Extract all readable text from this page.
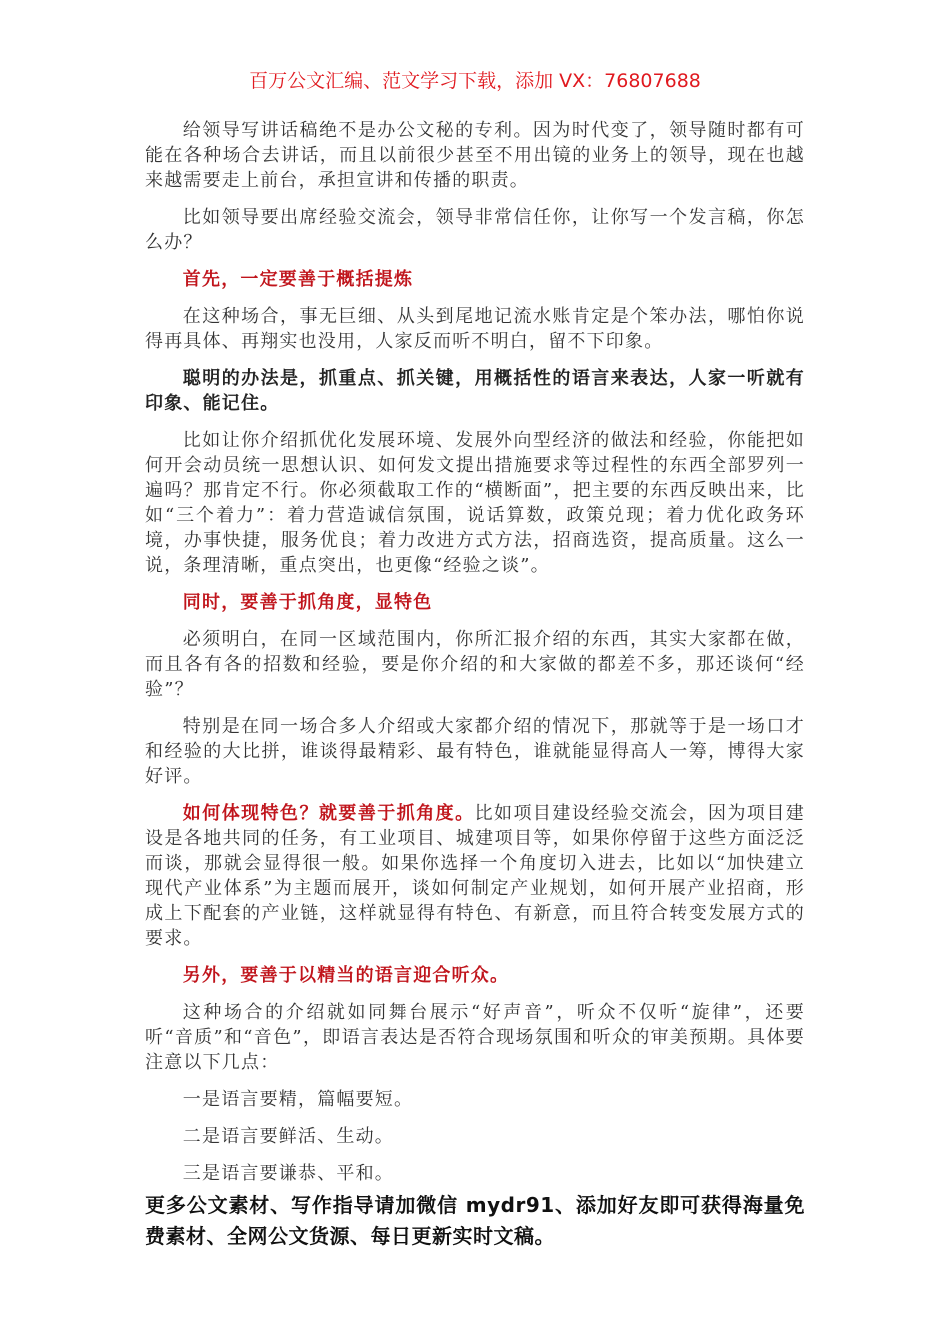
百万公文汇编、范文学习下载，添加 VX：76807688

给领导写讲话稿绝不是办公文秘的专利。因为时代变了，领导随时都有可能在各种场合去讲话，而且以前很少甚至不用出镜的业务上的领导，现在也越来越需要走上前台，承担宣讲和传播的职责。

比如领导要出席经验交流会，领导非常信任你，让你写一个发言稿，你怎么办？

首先，一定要善于概括提炼

在这种场合，事无巨细、从头到尾地记流水账肯定是个笨办法，哪怕你说得再具体、再翔实也没用，人家反而听不明白，留不下印象。

聪明的办法是，抓重点、抓关键，用概括性的语言来表达，人家一听就有印象、能记住。

比如让你介绍抓优化发展环境、发展外向型经济的做法和经验，你能把如何开会动员统一思想认识、如何发文提出措施要求等过程性的东西全部罗列一遍吗？那肯定不行。你必须截取工作的“横断面”，把主要的东西反映出来，比如“三个着力”：着力营造诚信氛围，说话算数，政策兑现；着力优化政务环境，办事快捷，服务优良；着力改进方式方法，招商选资，提高质量。这么一说，条理清晰，重点突出，也更像“经验之谈”。

同时，要善于抓角度，显特色

必须明白，在同一区域范围内，你所汇报介绍的东西，其实大家都在做，而且各有各的招数和经验，要是你介绍的和大家做的都差不多，那还谈何“经验”？

特别是在同一场合多人介绍或大家都介绍的情况下，那就等于是一场口才和经验的大比拼，谁谈得最精彩、最有特色，谁就能显得高人一筹，博得大家好评。

如何体现特色？就要善于抓角度。比如项目建设经验交流会，因为项目建设是各地共同的任务，有工业项目、城建项目等，如果你停留于这些方面泛泛而谈，那就会显得很一般。如果你选择一个角度切入进去，比如以“加快建立现代产业体系”为主题而展开，谈如何制定产业规划，如何开展产业招商，形成上下配套的产业链，这样就显得有特色、有新意，而且符合转变发展方式的要求。

另外，要善于以精当的语言迎合听众。

这种场合的介绍就如同舞台展示“好声音”，听众不仅听“旋律”，还要听“音质”和“音色”，即语言表达是否符合现场氛围和听众的审美预期。具体要注意以下几点：

一是语言要精，篇幅要短。

二是语言要鲜活、生动。

三是语言要谦恭、平和。

更多公文素材、写作指导请加微信 mydr91、添加好友即可获得海量免费素材、全网公文货源、每日更新实时文稿。
